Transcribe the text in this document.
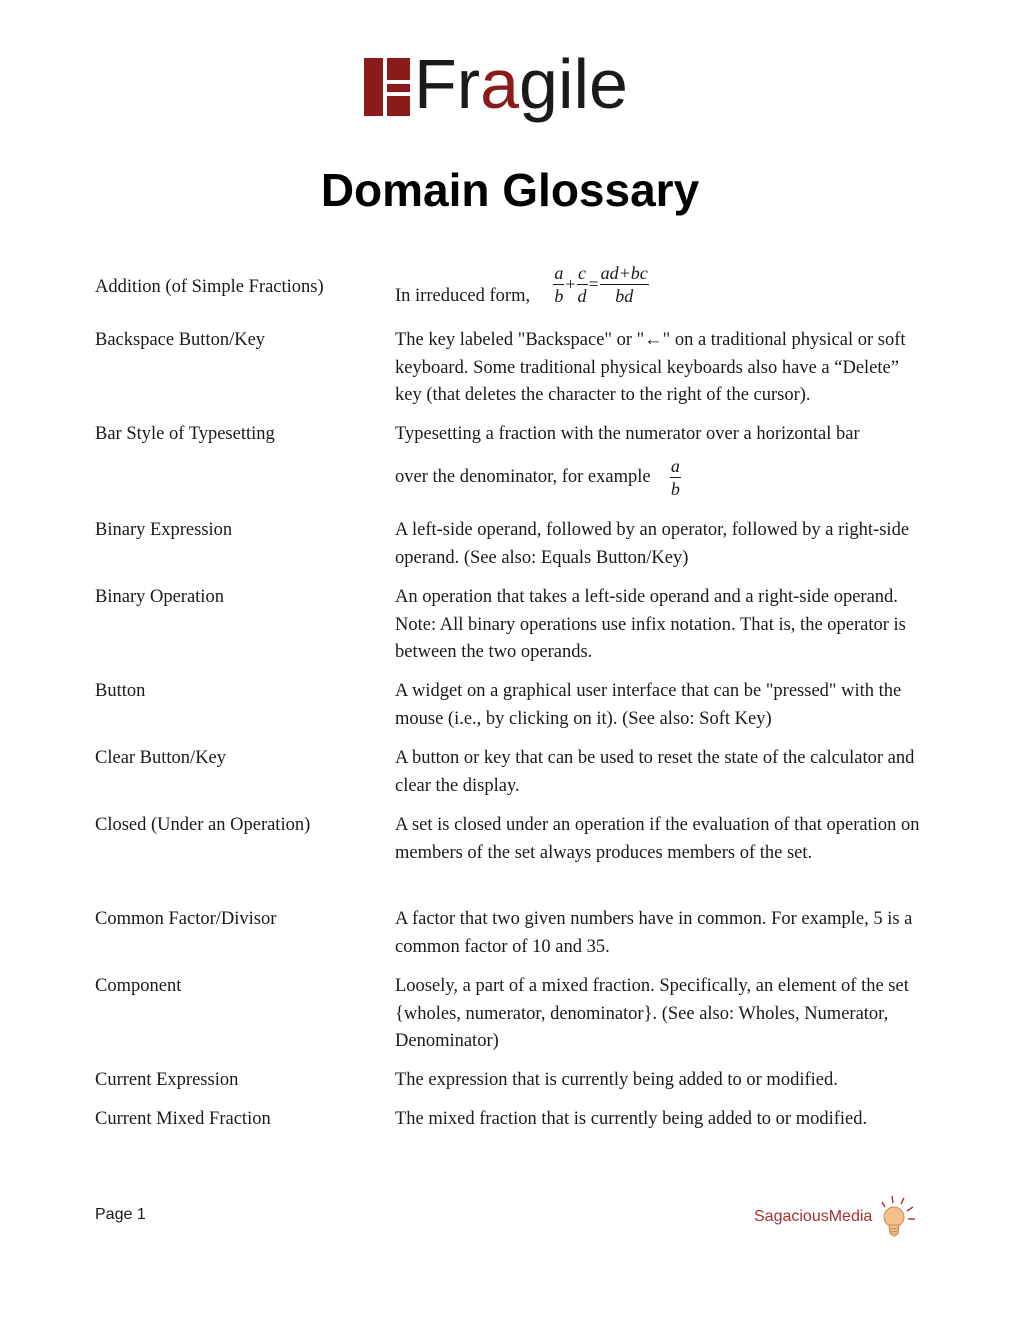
Fragile
Domain Glossary
Addition (of Simple Fractions)	In irreduced form, $\frac{a}{b} + \frac{c}{d} = \frac{ad+bc}{bd}$
Backspace Button/Key	The key labeled "Backspace" or "←" on a traditional physical or soft keyboard. Some traditional physical keyboards also have a “Delete” key (that deletes the character to the right of the cursor).
Bar Style of Typesetting	Typesetting a fraction with the numerator over a horizontal bar
over the denominator, for example $\frac{a}{b}$
Binary Expression	A left-side operand, followed by an operator, followed by a right-side operand. (See also: Equals Button/Key)
Binary Operation	An operation that takes a left-side operand and a right-side operand. Note: All binary operations use infix notation. That is, the operator is between the two operands.
Button	A widget on a graphical user interface that can be "pressed" with the mouse (i.e., by clicking on it). (See also: Soft Key)
Clear Button/Key	A button or key that can be used to reset the state of the calculator and clear the display.
Closed (Under an Operation)	A set is closed under an operation if the evaluation of that operation on members of the set always produces members of the set.
Common Factor/Divisor	A factor that two given numbers have in common. For example, 5 is a common factor of 10 and 35.
Component	Loosely, a part of a mixed fraction. Specifically, an element of the set {wholes, numerator, denominator}. (See also: Wholes, Numerator, Denominator)
Current Expression	The expression that is currently being added to or modified.
Current Mixed Fraction	The mixed fraction that is currently being added to or modified.
Page 1	SagaciousMedia
